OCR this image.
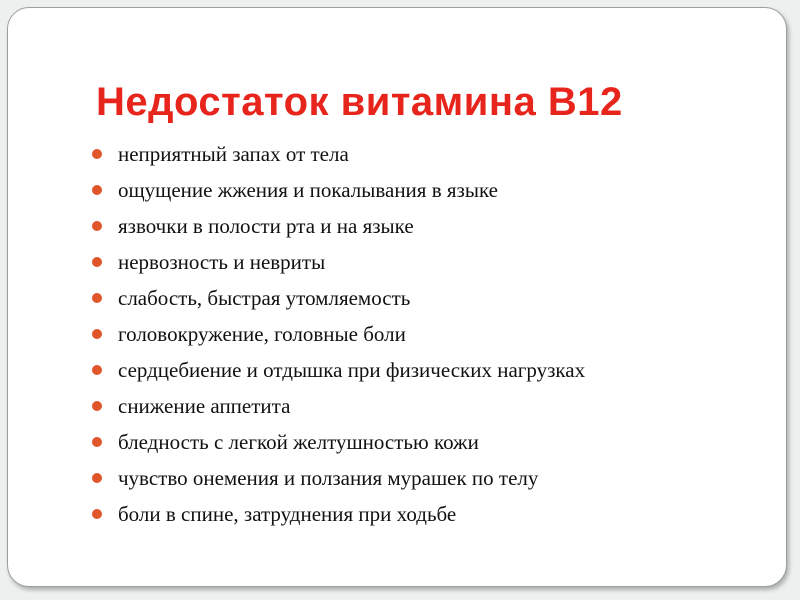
Недостаток витамина B12
неприятный запах от тела
ощущение жжения и покалывания в языке
язвочки в полости рта и на языке
нервозность и невриты
слабость, быстрая утомляемость
головокружение, головные боли
сердцебиение и отдышка при физических нагрузках
снижение аппетита
бледность с легкой желтушностью кожи
чувство онемения и ползания мурашек по телу
боли в спине, затруднения при ходьбе
